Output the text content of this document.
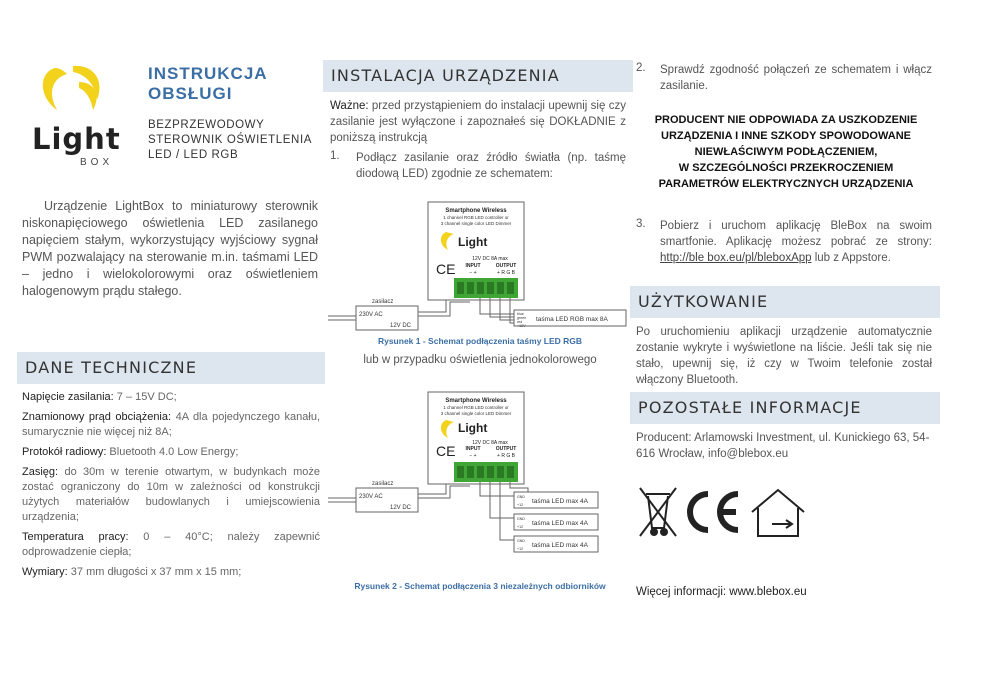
Light
BOX
INSTRUKCJA
OBSŁUGI
BEZPRZEWODOWY
STEROWNIK OŚWIETLENIA
LED / LED RGB
Urządzenie LightBox to miniaturowy sterownik niskonapięciowego oświetlenia LED zasilanego napięciem stałym, wykorzystujący wyjściowy sygnał PWM pozwalający na sterowanie m.in. taśmami LED – jedno i wielokolorowymi oraz oświetleniem halogenowym prądu stałego.
DANE TECHNICZNE

Napięcie zasilania: 7 – 15V DC;

Znamionowy prąd obciążenia: 4A dla pojedynczego kanału, sumarycznie nie więcej niż 8A;

Protokół radiowy: Bluetooth 4.0 Low Energy;

Zasięg: do 30m w terenie otwartym, w budynkach może zostać ograniczony do 10m w zależności od konstrukcji użytych materiałów budowlanych i umiejscowienia urządzenia;

Temperatura pracy: 0 – 40°C; należy zapewnić odprowadzenie ciepła;

Wymiary: 37 mm długości x 37 mm x 15 mm;

INSTALACJA URZĄDZENIA
Ważne: przed przystąpieniem do instalacji upewnij się czy zasilanie jest wyłączone i zapoznałeś się DOKŁADNIE z poniższą instrukcją
1. Podłącz zasilanie oraz źródło światła (np. taśmę diodową LED) zgodnie ze schematem:
Smartphone Wireless
1 channel RGB LED controller or
3 channel single color LED Dimmer
Light
CE
12V DC 8A max
INPUT	OUTPUT
− +	+ R G B
zasilacz
230V AC
12V DC
blue
green
red
+12V
taśma LED RGB max 8A
Rysunek 1 - Schemat podłączenia taśmy LED RGB
lub w przypadku oświetlenia jednokolorowego
Smartphone Wireless
1 channel RGB LED controller or
3 channel single color LED Dimmer
Light
CE	12V DC 8A max
INPUT	OUTPUT
− +	+ R G B
zasilacz
230V AC
12V DC
GND
+12 taśma LED max 4A
GND
+12 taśma LED max 4A
GND
+12 taśma LED max 4A
Rysunek 2 - Schemat podłączenia 3 niezależnych odbiorników
2. Sprawdź zgodność połączeń ze schematem i włącz zasilanie.
PRODUCENT NIE ODPOWIADA ZA USZKODZENIE
URZĄDZENIA I INNE SZKODY SPOWODOWANE
NIEWŁAŚCIWYM PODŁĄCZENIEM,
W SZCZEGÓLNOŚCI PRZEKROCZENIEM
PARAMETRÓW ELEKTRYCZNYCH URZĄDZENIA
3. Pobierz i uruchom aplikację BleBox na swoim smartfonie. Aplikację możesz pobrać ze strony: http://ble box.eu/pl/bleboxApp lub z Appstore.
UŻYTKOWANIE
Po uruchomieniu aplikacji urządzenie automatycznie zostanie wykryte i wyświetlone na liście. Jeśli tak się nie stało, upewnij się, iż czy w Twoim telefonie został włączony Bluetooth.
POZOSTAŁE INFORMACJE
Producent: Arlamowski Investment, ul. Kunickiego 63, 54-616 Wrocław, info@blebox.eu
Więcej informacji: www.blebox.eu
